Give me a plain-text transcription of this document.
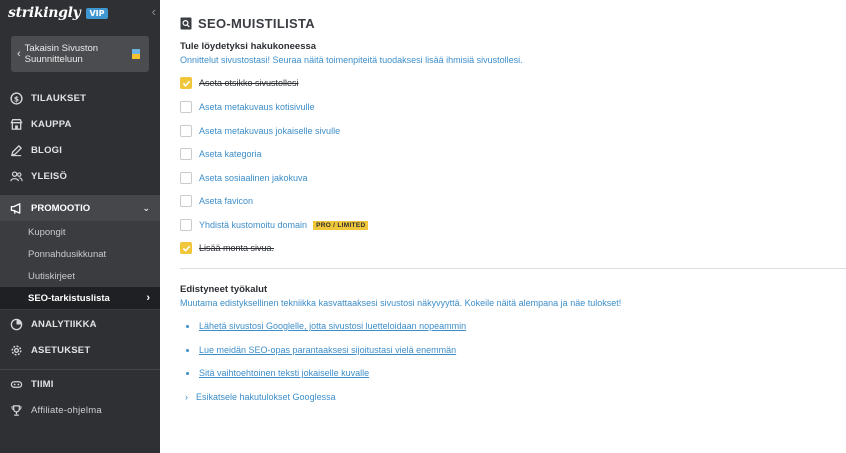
strikingly	VIP	‹
‹ Takaisin Sivuston Suunnitteluun
$ TILAUKSET
KAUPPA
BLOGI
YLEISÖ
PROMOOTIO	⌄
Kupongit
Ponnahdusikkunat
Uutiskirjeet
SEO-tarkistuslista	›
ANALYTIIKKA
ASETUKSET
TIIMI
Affiliate-ohjelma
SEO-MUISTILISTA
Tule löydetyksi hakukoneessa
Onnittelut sivustostasi! Seuraa näitä toimenpiteitä tuodaksesi lisää ihmisiä sivustollesi.
Aseta otsikko sivustollesi
Aseta metakuvaus kotisivulle
Aseta metakuvaus jokaiselle sivulle
Aseta kategoria
Aseta sosiaalinen jakokuva
Aseta favicon
Yhdistä kustomoitu domain	PRO / LIMITED
Lisää monta sivua.
Edistyneet työkalut
Muutama edistyksellinen tekniikka kasvattaaksesi sivustosi näkyvyyttä. Kokeile näitä alempana ja näe tulokset!
Lähetä sivustosi Googlelle, jotta sivustosi luetteloidaan nopeammin
Lue meidän SEO-opas parantaaksesi sijoitustasi vielä enemmän
Sitä vaihtoehtoinen teksti jokaiselle kuvalle
› Esikatsele hakutulokset Googlessa
